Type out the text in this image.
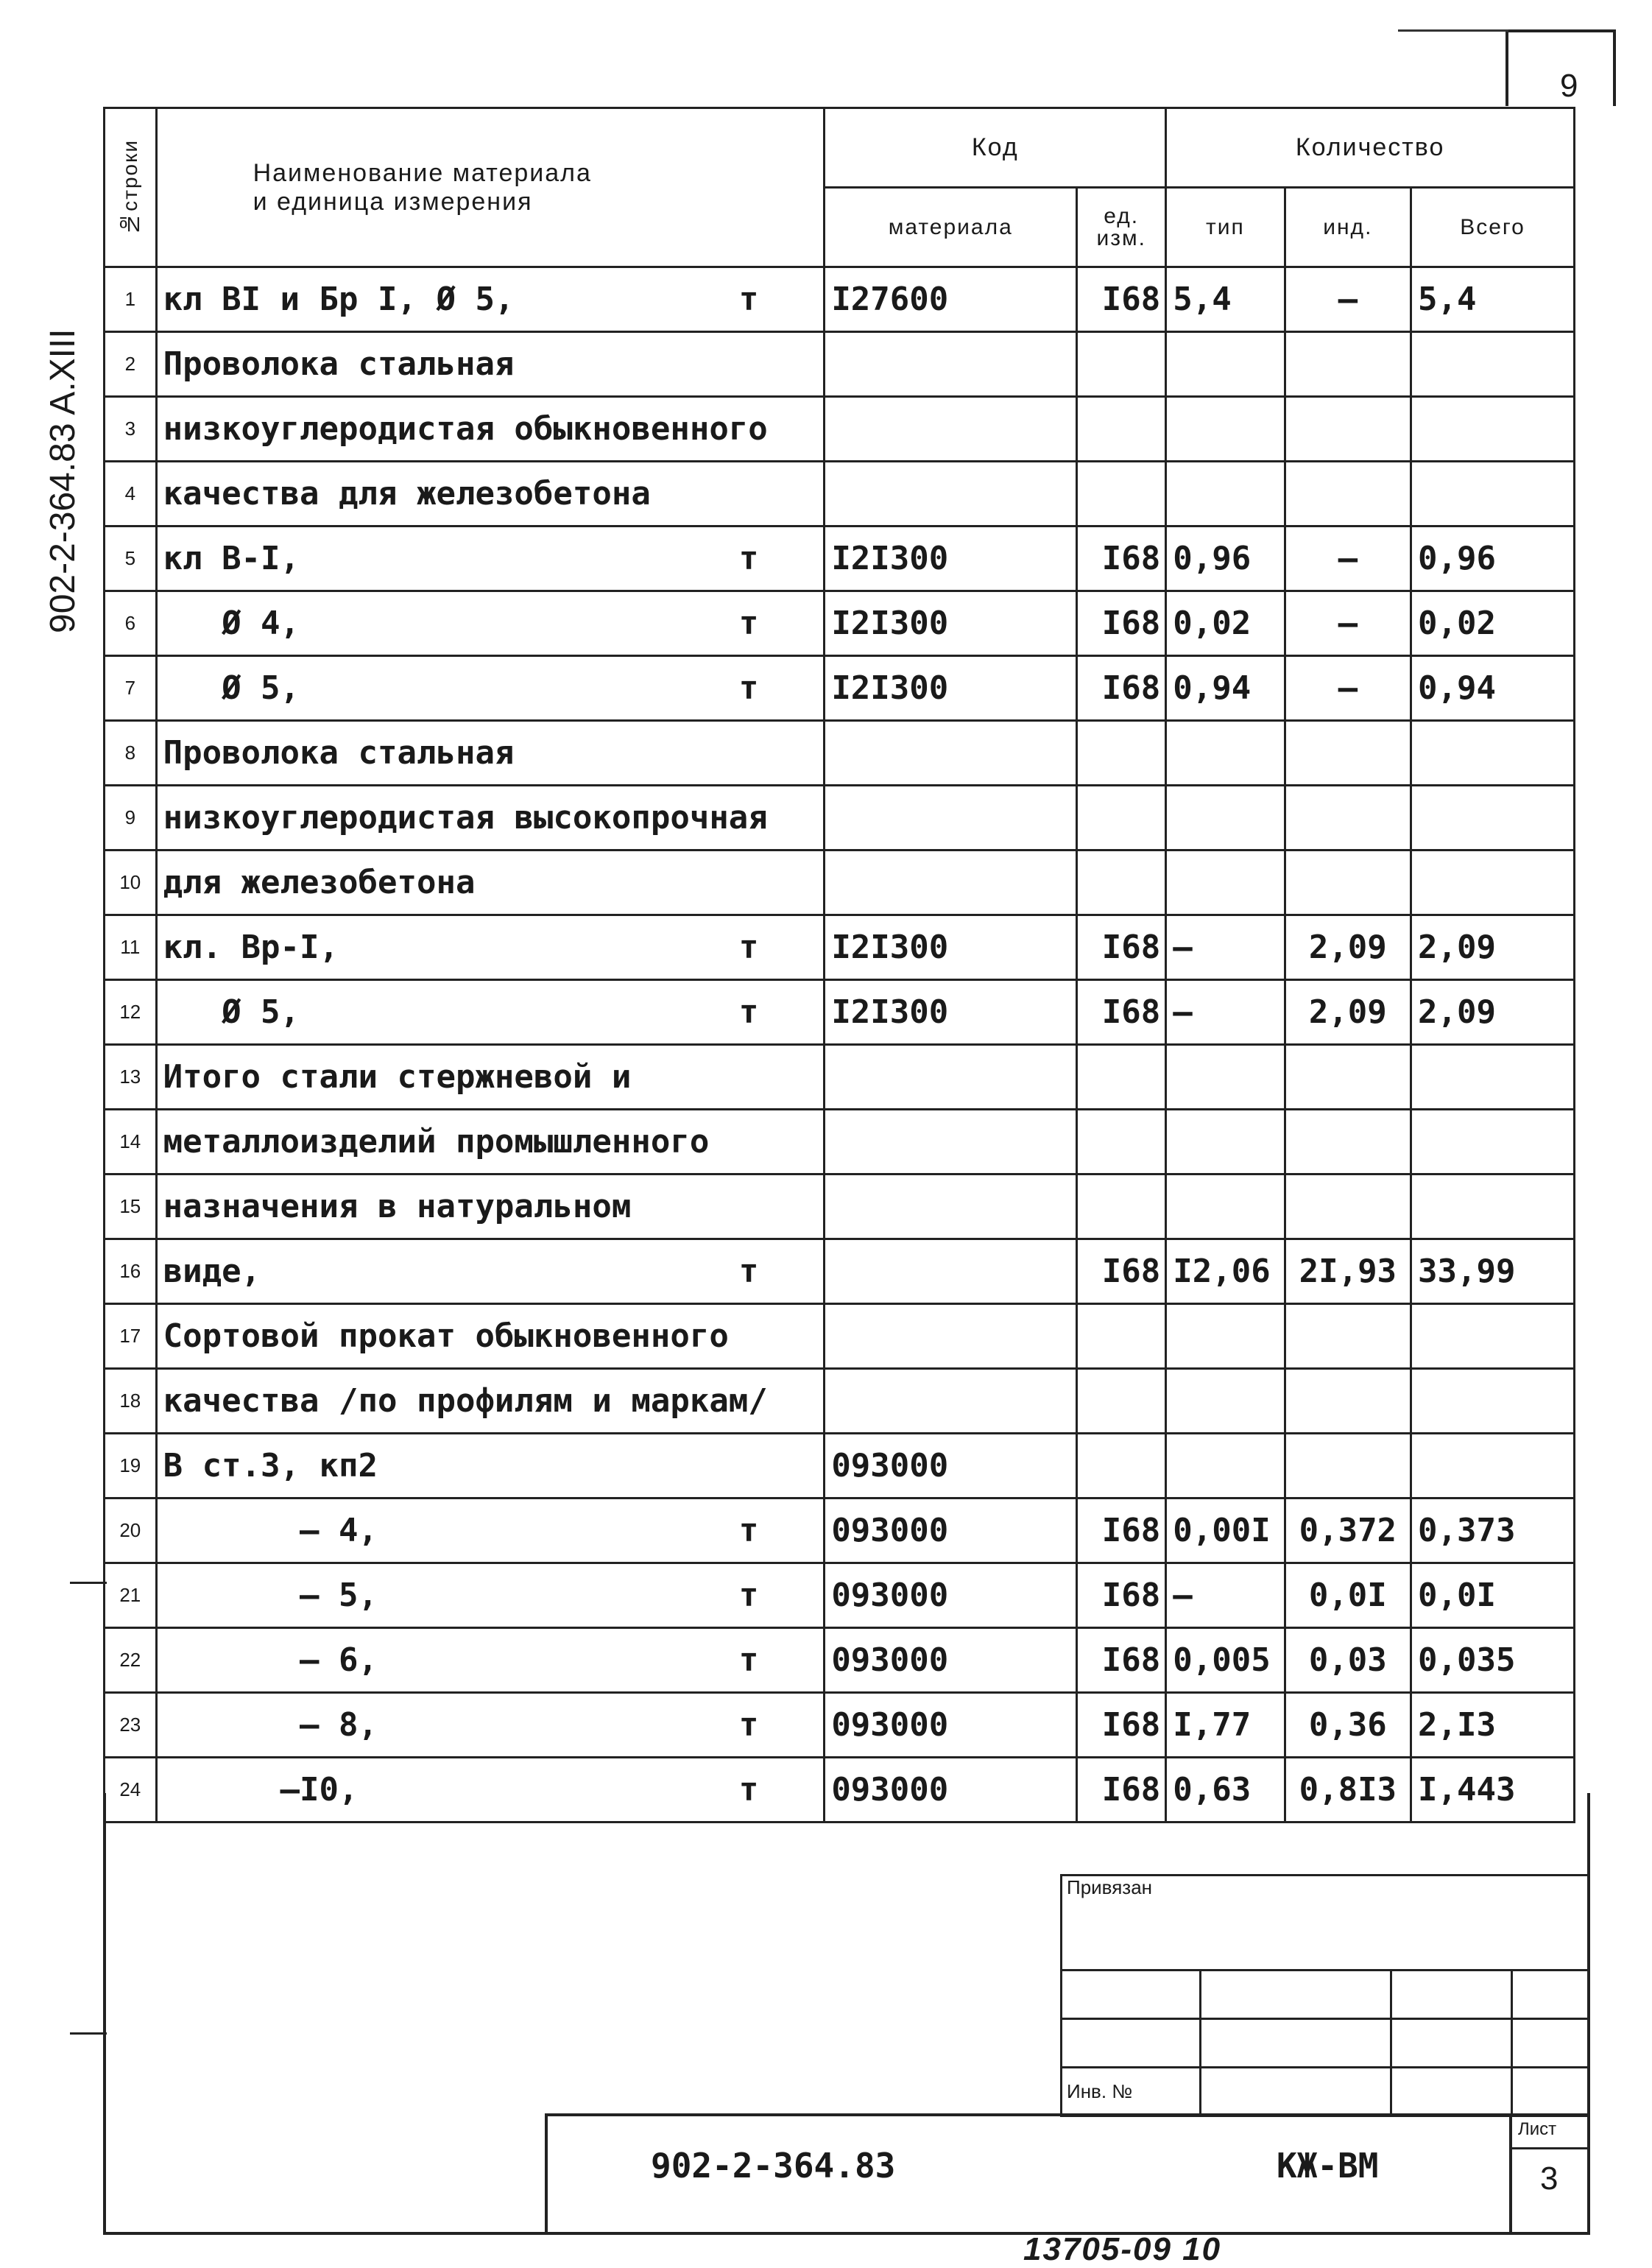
9
902-2-364.83 A.XIII
№строки	Наименование материала
и единица измерения	Код		Количество		
		материала	ед. изм.	тип	инд.	Всего
1	кл BI и Бр I, Ø 5, т	I27600	I68	5,4	–	5,4
2	Проволока стальная					

3	низкоуглеродистая обыкновенного					

4	качества для железобетона					

5	кл B-I, т	I2I300	I68	0,96	–	0,96
6	Ø 4, т	I2I300	I68	0,02	–	0,02
7	Ø 5, т	I2I300	I68	0,94	–	0,94
8	Проволока стальная					

9	низкоуглеродистая высокопрочная					

10	для железобетона					

11	кл. Вр-I, т	I2I300	I68	–	2,09	2,09
12	Ø 5, т	I2I300	I68	–	2,09	2,09
13	Итого стали стержневой и					

14	металлоизделий промышленного					

15	назначения в натуральном					

16	виде, т		I68	I2,06	2I,93	33,99
17	Сортовой прокат обыкновенного					

18	качества /по профилям и маркам/					

19	В ст.3, кп2	093000				
20	– 4, т	093000	I68	0,00I	0,372	0,373
21	– 5, т	093000	I68	–	0,0I	0,0I
22	– 6, т	093000	I68	0,005	0,03	0,035
23	– 8, т	093000	I68	I,77	0,36	2,I3
24	–I0, т	093000	I68	0,63	0,8I3	I,443
Привязан			

Инв. №			
902-2-364.83	КЖ-ВМ
Лист
3
13705-09 10
